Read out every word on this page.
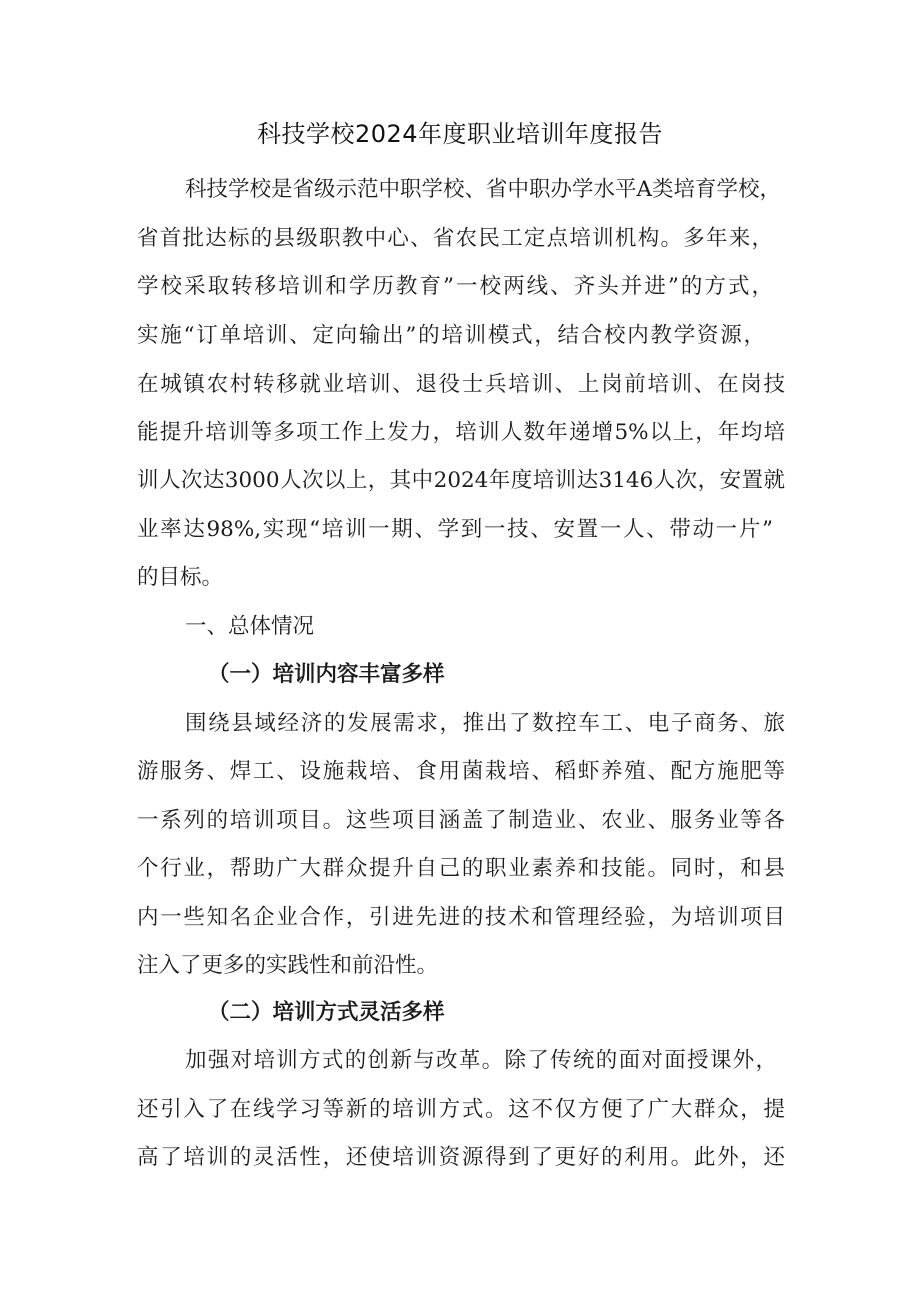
科技学校2024年度职业培训年度报告
科技学校是省级示范中职学校、省中职办学水平A类培育学校，
省首批达标的县级职教中心、省农民工定点培训机构。多年来，
学校采取转移培训和学历教育”一校两线、齐头并进”的方式，
实施“订单培训、定向输出”的培训模式，结合校内教学资源，
在城镇农村转移就业培训、退役士兵培训、上岗前培训、在岗技
能提升培训等多项工作上发力，培训人数年递增5%以上，年均培
训人次达3000人次以上，其中2024年度培训达3146人次，安置就
业率达98%,实现“培训一期、学到一技、安置一人、带动一片”
的目标。
一、总体情况
（一）培训内容丰富多样
围绕县域经济的发展需求，推出了数控车工、电子商务、旅
游服务、焊工、设施栽培、食用菌栽培、稻虾养殖、配方施肥等
一系列的培训项目。这些项目涵盖了制造业、农业、服务业等各
个行业，帮助广大群众提升自己的职业素养和技能。同时，和县
内一些知名企业合作，引进先进的技术和管理经验，为培训项目
注入了更多的实践性和前沿性。
（二）培训方式灵活多样
加强对培训方式的创新与改革。除了传统的面对面授课外，
还引入了在线学习等新的培训方式。这不仅方便了广大群众，提
高了培训的灵活性，还使培训资源得到了更好的利用。此外，还
